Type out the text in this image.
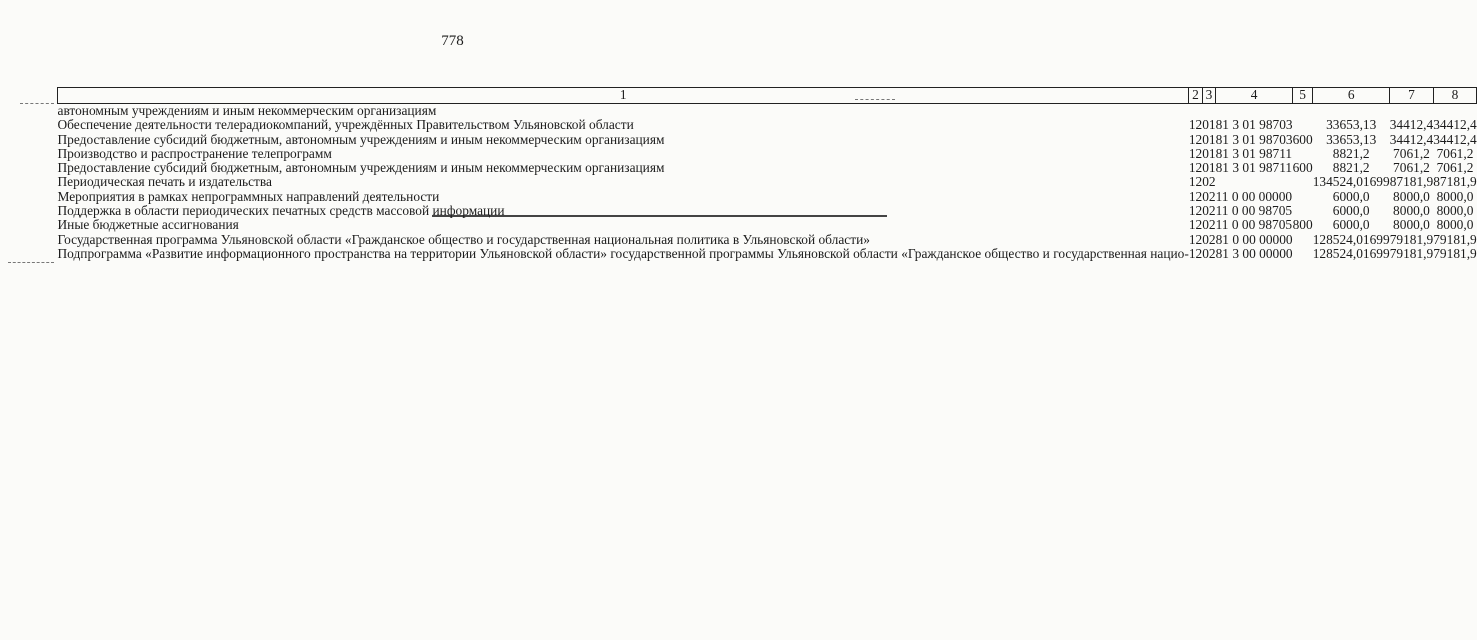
778
1	2	3	4	5	6	7	8
автономным учреждениям и иным некоммерческим организациям							
Обеспечение деятельности телерадиокомпаний, учреждённых Правительством Ульяновской области	12	01	81 3 01 98703		33653,13	34412,4	34412,4
Предоставление субсидий бюджетным, автономным учреждениям и иным некоммерческим организациям	12	01	81 3 01 98703	600	33653,13	34412,4	34412,4
Производство и распространение телепрограмм	12	01	81 3 01 98711		8821,2	7061,2	7061,2
Предоставление субсидий бюджетным, автономным учреждениям и иным некоммерческим организациям	12	01	81 3 01 98711	600	8821,2	7061,2	7061,2
Периодическая печать и издательства	12	02			134524,01699	87181,9	87181,9
Мероприятия в рамках непрограммных направлений деятельности	12	02	11 0 00 00000		6000,0	8000,0	8000,0
Поддержка в области периодических печатных средств массовой информации	12	02	11 0 00 98705		6000,0	8000,0	8000,0
Иные бюджетные ассигнования	12	02	11 0 00 98705	800	6000,0	8000,0	8000,0
Государственная программа Ульяновской области «Гражданское общество и государственная национальная политика в Ульяновской области»	12	02	81 0 00 00000		128524,01699	79181,9	79181,9
Подпрограмма «Развитие информационного пространства на территории Ульяновской области» государственной программы Ульяновской области «Гражданское общество и государственная нацио-	12	02	81 3 00 00000		128524,01699	79181,9	79181,9
